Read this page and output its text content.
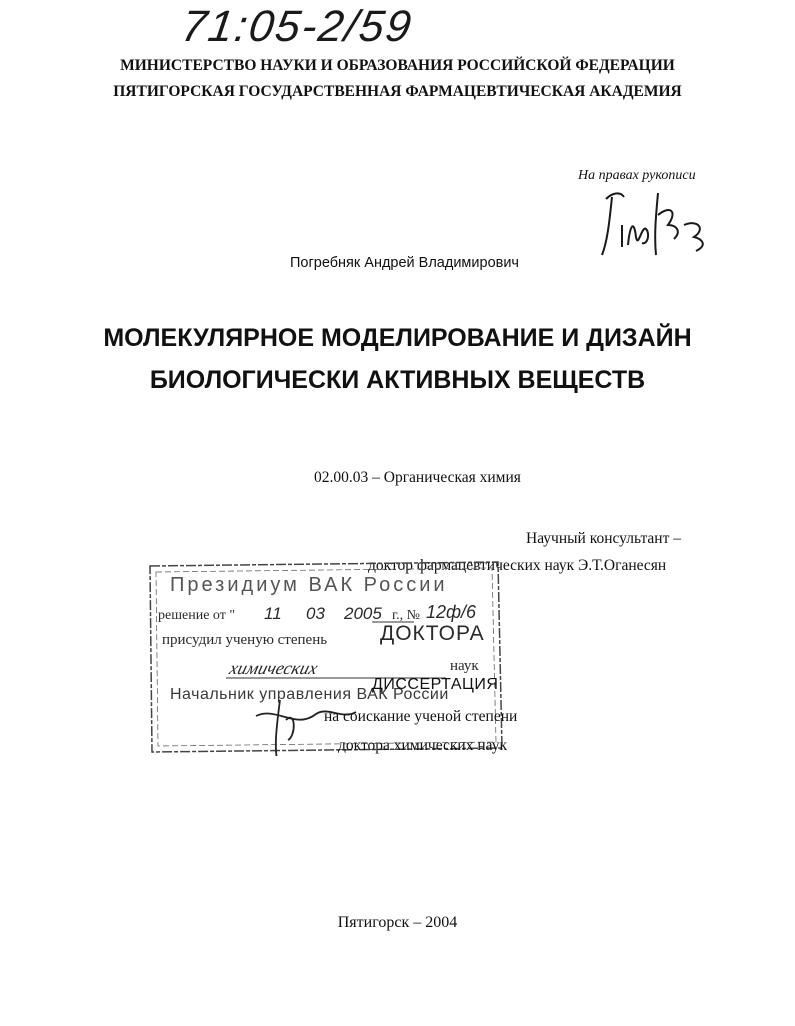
71:05-2/59
МИНИСТЕРСТВО НАУКИ И ОБРАЗОВАНИЯ РОССИЙСКОЙ ФЕДЕРАЦИИ
ПЯТИГОРСКАЯ ГОСУДАРСТВЕННАЯ ФАРМАЦЕВТИЧЕСКАЯ АКАДЕМИЯ
На правах рукописи
Погребняк Андрей Владимирович
МОЛЕКУЛЯРНОЕ МОДЕЛИРОВАНИЕ И ДИЗАЙН
БИОЛОГИЧЕСКИ АКТИВНЫХ ВЕЩЕСТВ
02.00.03 – Органическая химия
Научный консультант –
доктор фармацевтических наук Э.Т.Оганесян
Президиум ВАК России
решение от " 11 03 2005 г., № 12ф/6
присудил ученую степень	ДОКТОРА
химических	наук
Начальник управления ВАК России
ДИССЕРТАЦИЯ
на соискание ученой степени
доктора химических наук
Пятигорск – 2004
